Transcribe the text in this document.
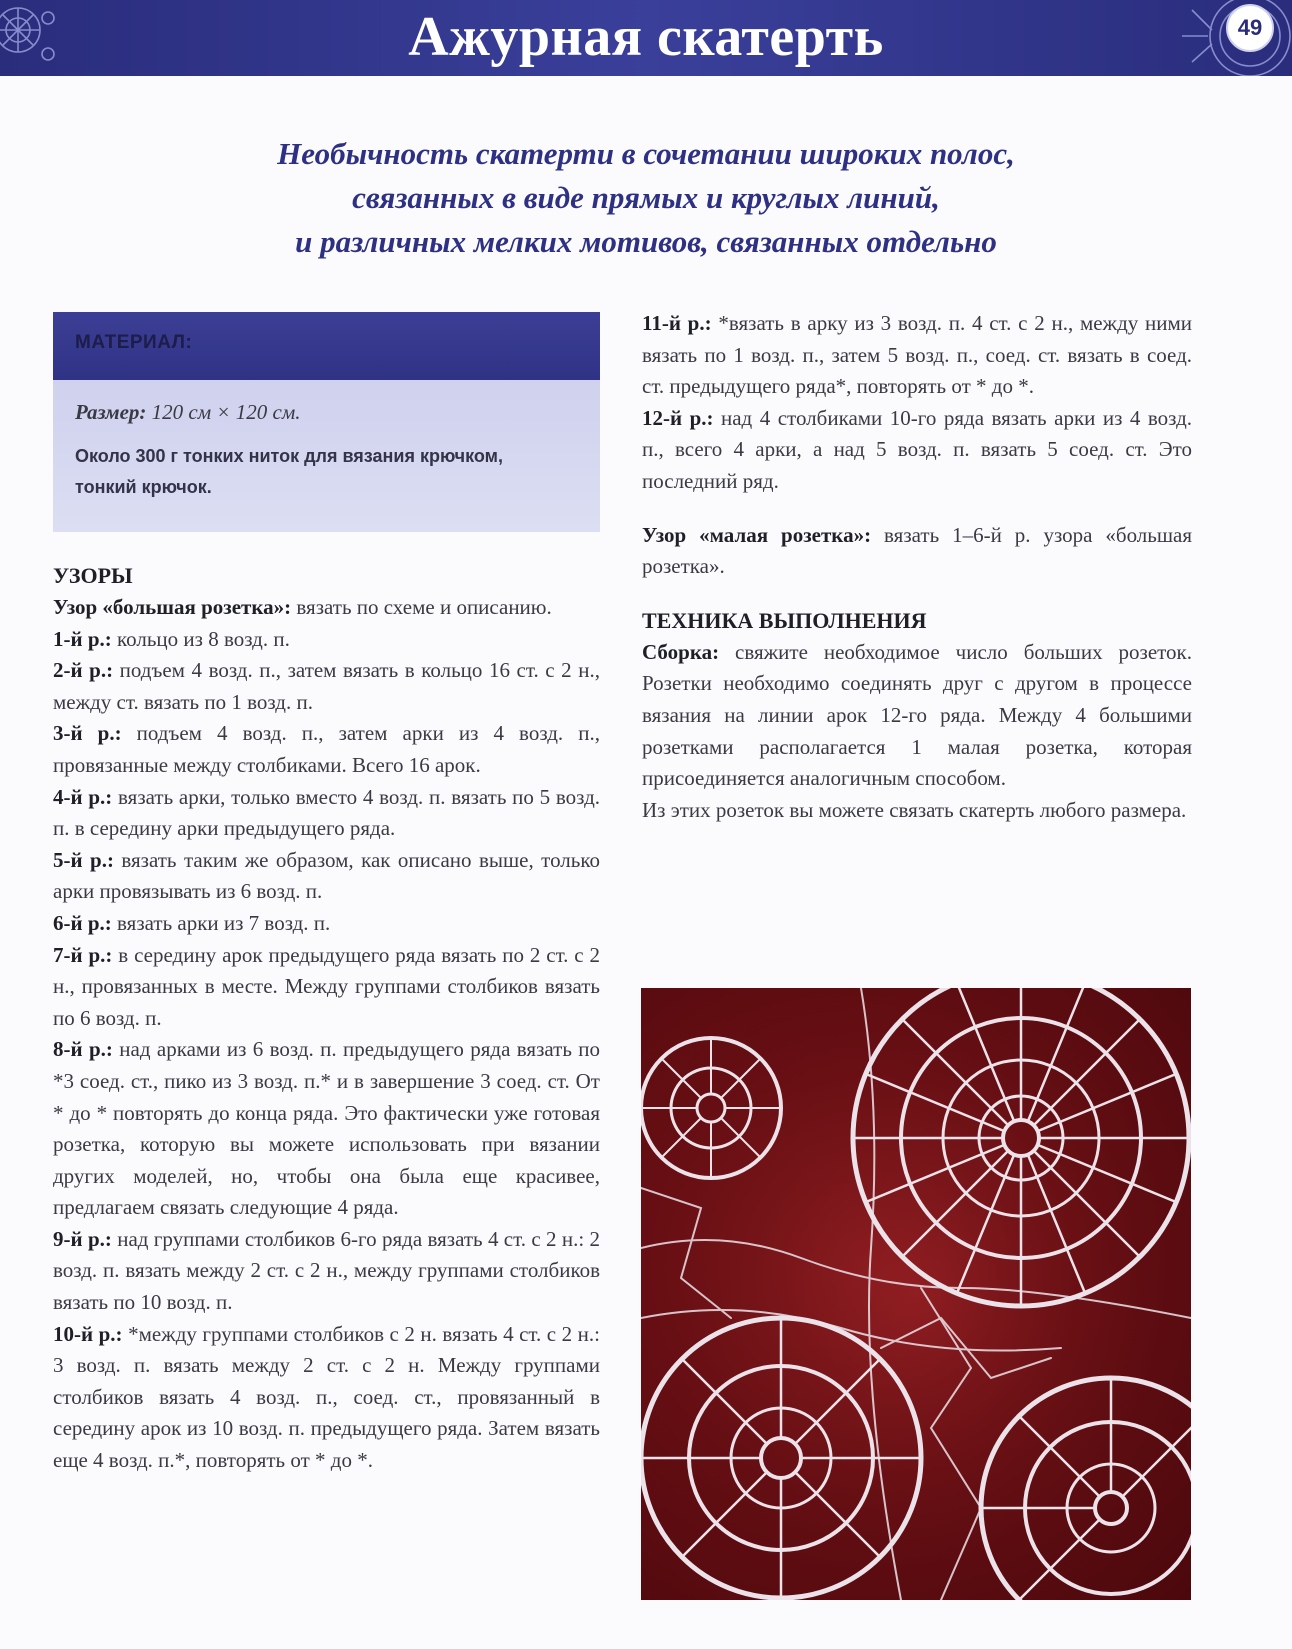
Ажурная скатерть	49
Необычность скатерти в сочетании широких полос,
связанных в виде прямых и круглых линий,
и различных мелких мотивов, связанных отдельно
МАТЕРИАЛ:
Размер: 120 см × 120 см.
Около 300 г тонких ниток для вязания крючком,
тонкий крючок.
УЗОРЫ
Узор «большая розетка»: вязать по схеме и описанию.
1-й р.: кольцо из 8 возд. п.
2-й р.: подъем 4 возд. п., затем вязать в кольцо 16 ст. с 2 н., между ст. вязать по 1 возд. п.
3-й р.: подъем 4 возд. п., затем арки из 4 возд. п., провязанные между столбиками. Всего 16 арок.
4-й р.: вязать арки, только вместо 4 возд. п. вязать по 5 возд. п. в середину арки предыдущего ряда.
5-й р.: вязать таким же образом, как описано выше, только арки провязывать из 6 возд. п.
6-й р.: вязать арки из 7 возд. п.
7-й р.: в середину арок предыдущего ряда вязать по 2 ст. с 2 н., провязанных в месте. Между группами столбиков вязать по 6 возд. п.
8-й р.: над арками из 6 возд. п. предыдущего ряда вязать по *3 соед. ст., пико из 3 возд. п.* и в завершение 3 соед. ст. От * до * повторять до конца ряда. Это фактически уже готовая розетка, которую вы можете использовать при вязании других моделей, но, чтобы она была еще красивее, предлагаем связать следующие 4 ряда.
9-й р.: над группами столбиков 6-го ряда вязать 4 ст. с 2 н.: 2 возд. п. вязать между 2 ст. с 2 н., между группами столбиков вязать по 10 возд. п.
10-й р.: *между группами столбиков с 2 н. вязать 4 ст. с 2 н.: 3 возд. п. вязать между 2 ст. с 2 н. Между группами столбиков вязать 4 возд. п., соед. ст., провязанный в середину арок из 10 возд. п. предыдущего ряда. Затем вязать еще 4 возд. п.*, повторять от * до *.
11-й р.: *вязать в арку из 3 возд. п. 4 ст. с 2 н., между ними вязать по 1 возд. п., затем 5 возд. п., соед. ст. вязать в соед. ст. предыдущего ряда*, повторять от * до *.
12-й р.: над 4 столбиками 10-го ряда вязать арки из 4 возд. п., всего 4 арки, а над 5 возд. п. вязать 5 соед. ст. Это последний ряд.
Узор «малая розетка»: вязать 1–6-й р. узора «большая розетка».
ТЕХНИКА ВЫПОЛНЕНИЯ
Сборка: свяжите необходимое число больших розеток. Розетки необходимо соединять друг с другом в процессе вязания на линии арок 12-го ряда. Между 4 большими розетками располагается 1 малая розетка, которая присоединяется аналогичным способом.
Из этих розеток вы можете связать скатерть любого размера.
